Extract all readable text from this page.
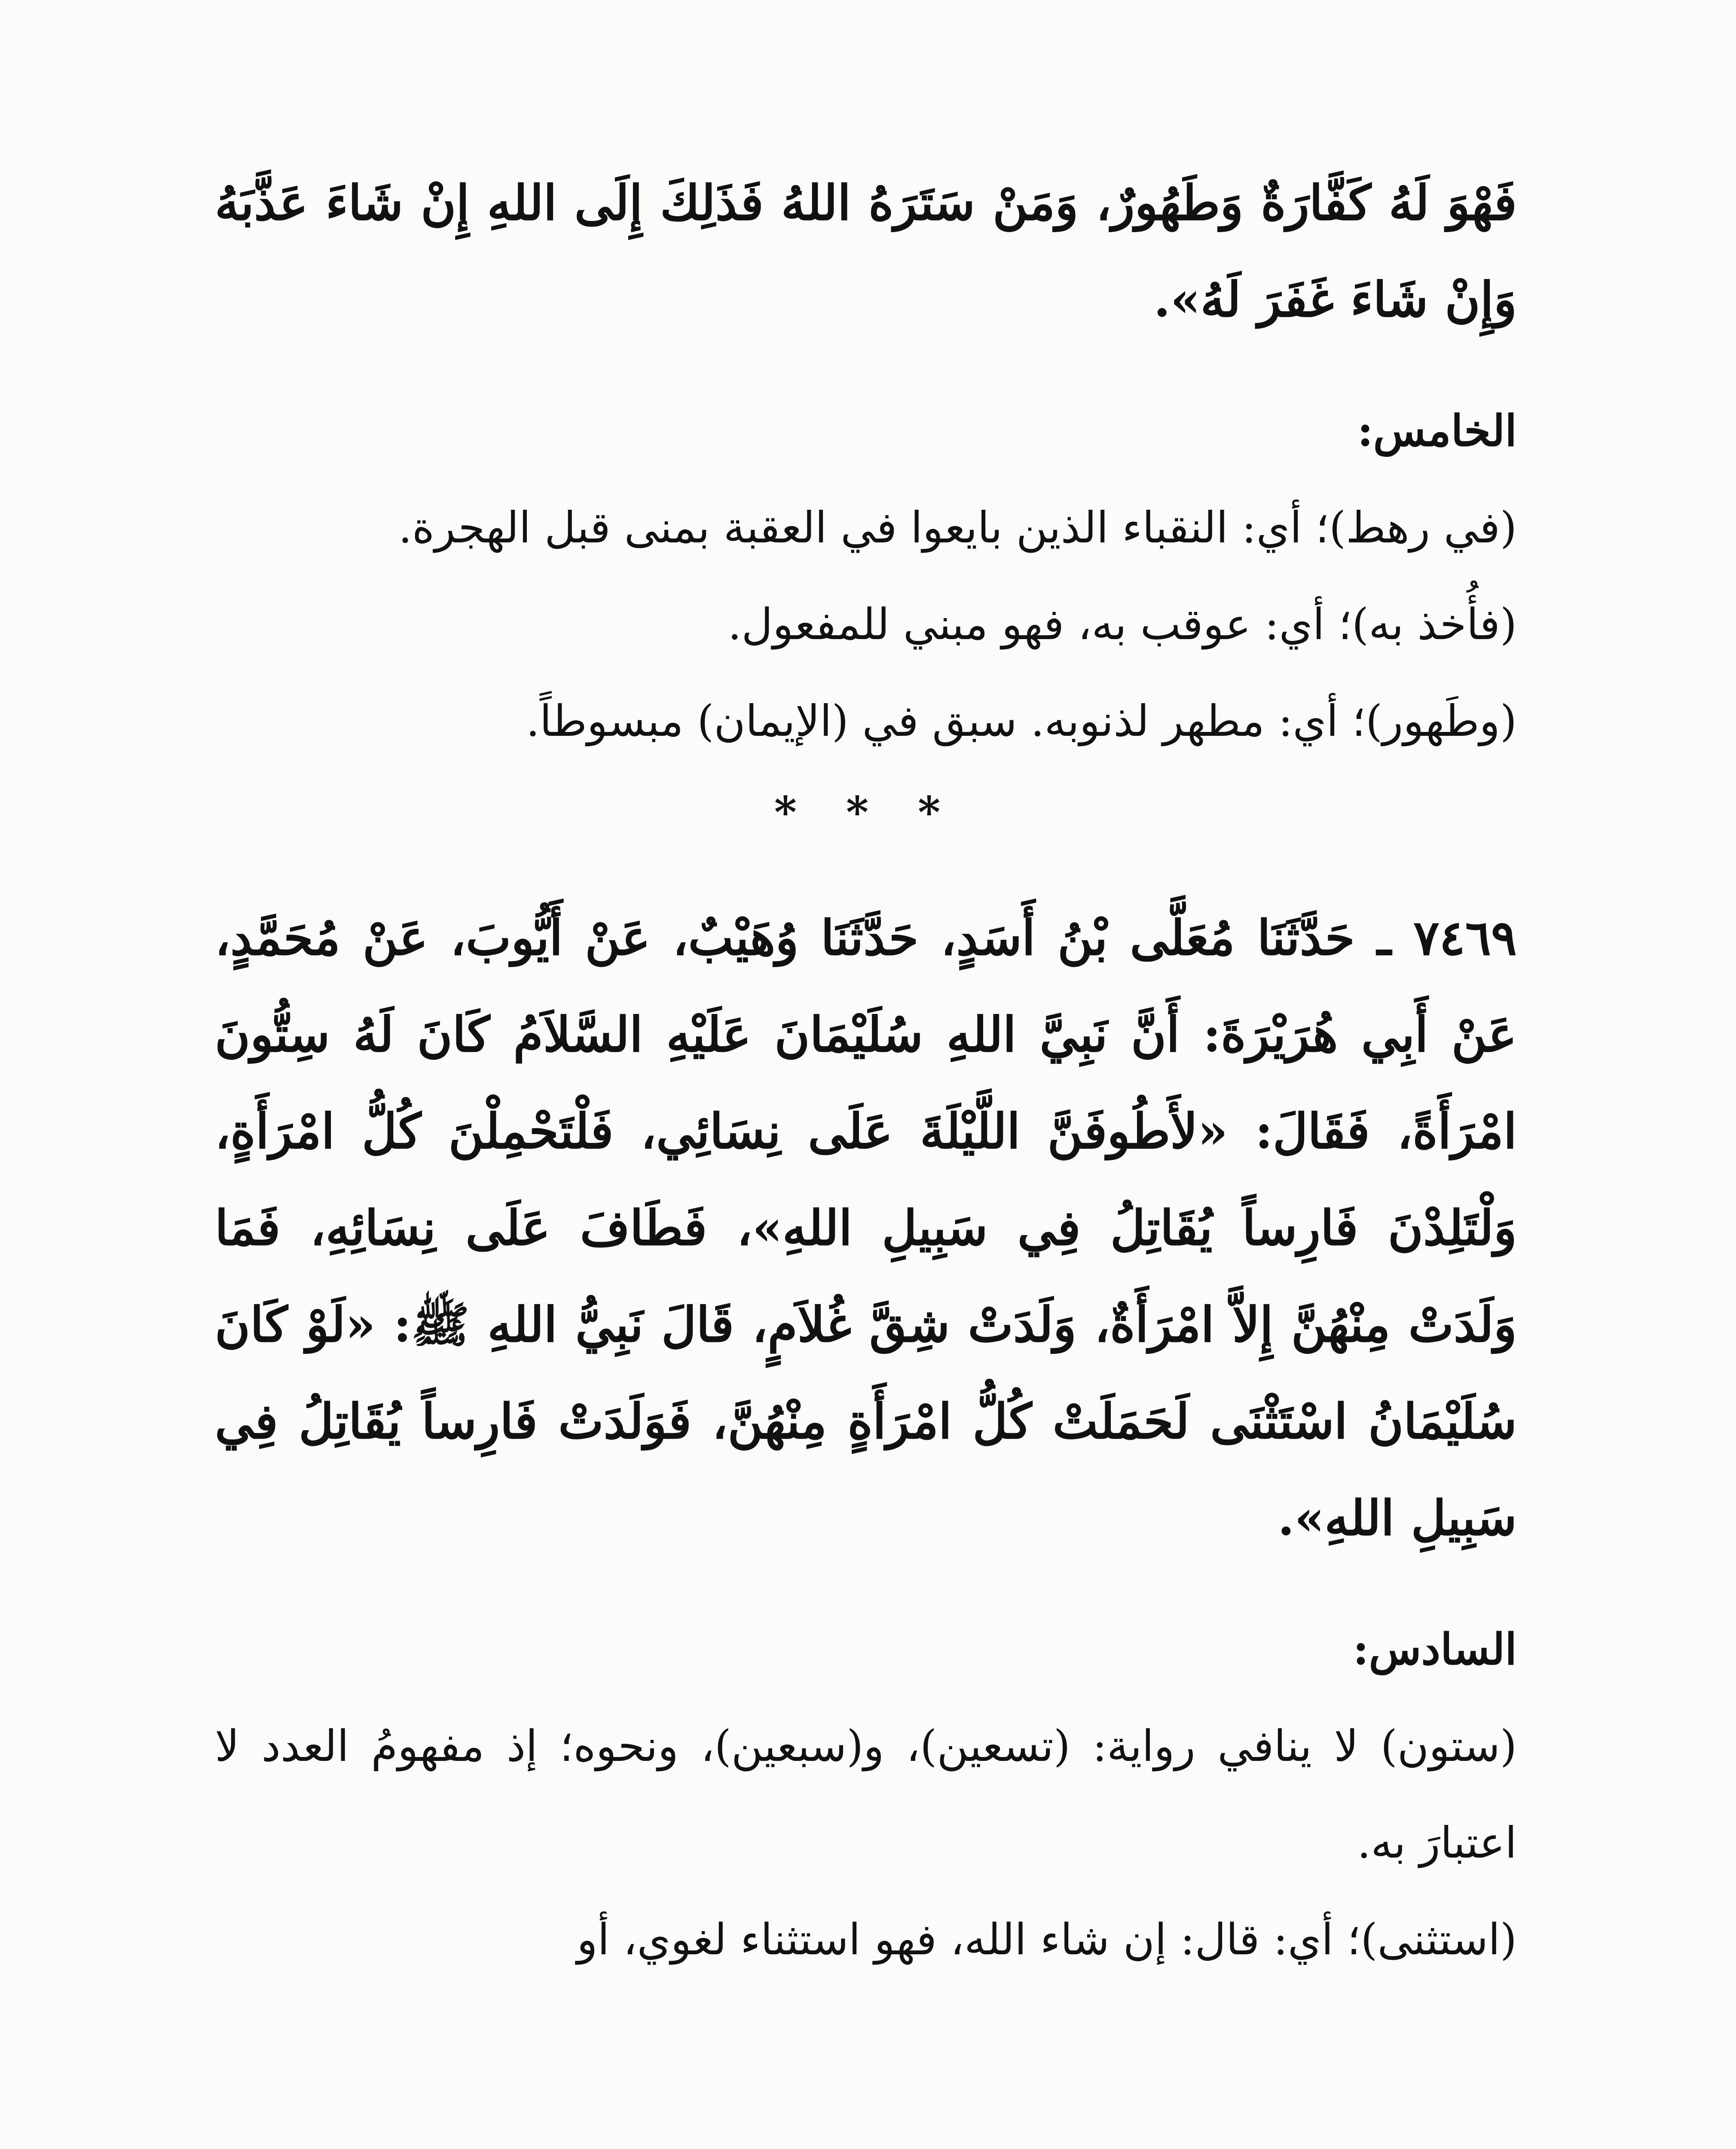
فَهْوَ لَهُ كَفَّارَةٌ وَطَهُورٌ، وَمَنْ سَتَرَهُ اللهُ فَذَلِكَ إِلَى اللهِ إِنْ شَاءَ عَذَّبَهُ وَإِنْ شَاءَ غَفَرَ لَهُ».

الخامس:

(في رهط)؛ أي: النقباء الذين بايعوا في العقبة بمنى قبل الهجرة.

(فأُخذ به)؛ أي: عوقب به، فهو مبني للمفعول.

(وطَهور)؛ أي: مطهر لذنوبه. سبق في (الإيمان) مبسوطاً.

* * *

٧٤٦٩ ـ حَدَّثَنَا مُعَلَّى بْنُ أَسَدٍ، حَدَّثَنَا وُهَيْبٌ، عَنْ أَيُّوبَ، عَنْ مُحَمَّدٍ، عَنْ أَبِي هُرَيْرَةَ: أَنَّ نَبِيَّ اللهِ سُلَيْمَانَ عَلَيْهِ السَّلاَمُ كَانَ لَهُ سِتُّونَ امْرَأَةً، فَقَالَ: «لأَطُوفَنَّ اللَّيْلَةَ عَلَى نِسَائِي، فَلْتَحْمِلْنَ كُلُّ امْرَأَةٍ، وَلْتَلِدْنَ فَارِساً يُقَاتِلُ فِي سَبِيلِ اللهِ»، فَطَافَ عَلَى نِسَائِهِ، فَمَا وَلَدَتْ مِنْهُنَّ إِلاَّ امْرَأَةٌ، وَلَدَتْ شِقَّ غُلاَمٍ، قَالَ نَبِيُّ اللهِ ﷺ: «لَوْ كَانَ سُلَيْمَانُ اسْتَثْنَى لَحَمَلَتْ كُلُّ امْرَأَةٍ مِنْهُنَّ، فَوَلَدَتْ فَارِساً يُقَاتِلُ فِي سَبِيلِ اللهِ».

السادس:

(ستون) لا ينافي رواية: (تسعين)، و(سبعين)، ونحوه؛ إذ مفهومُ العدد لا اعتبارَ به.

(استثنى)؛ أي: قال: إن شاء الله، فهو استثناء لغوي، أو
